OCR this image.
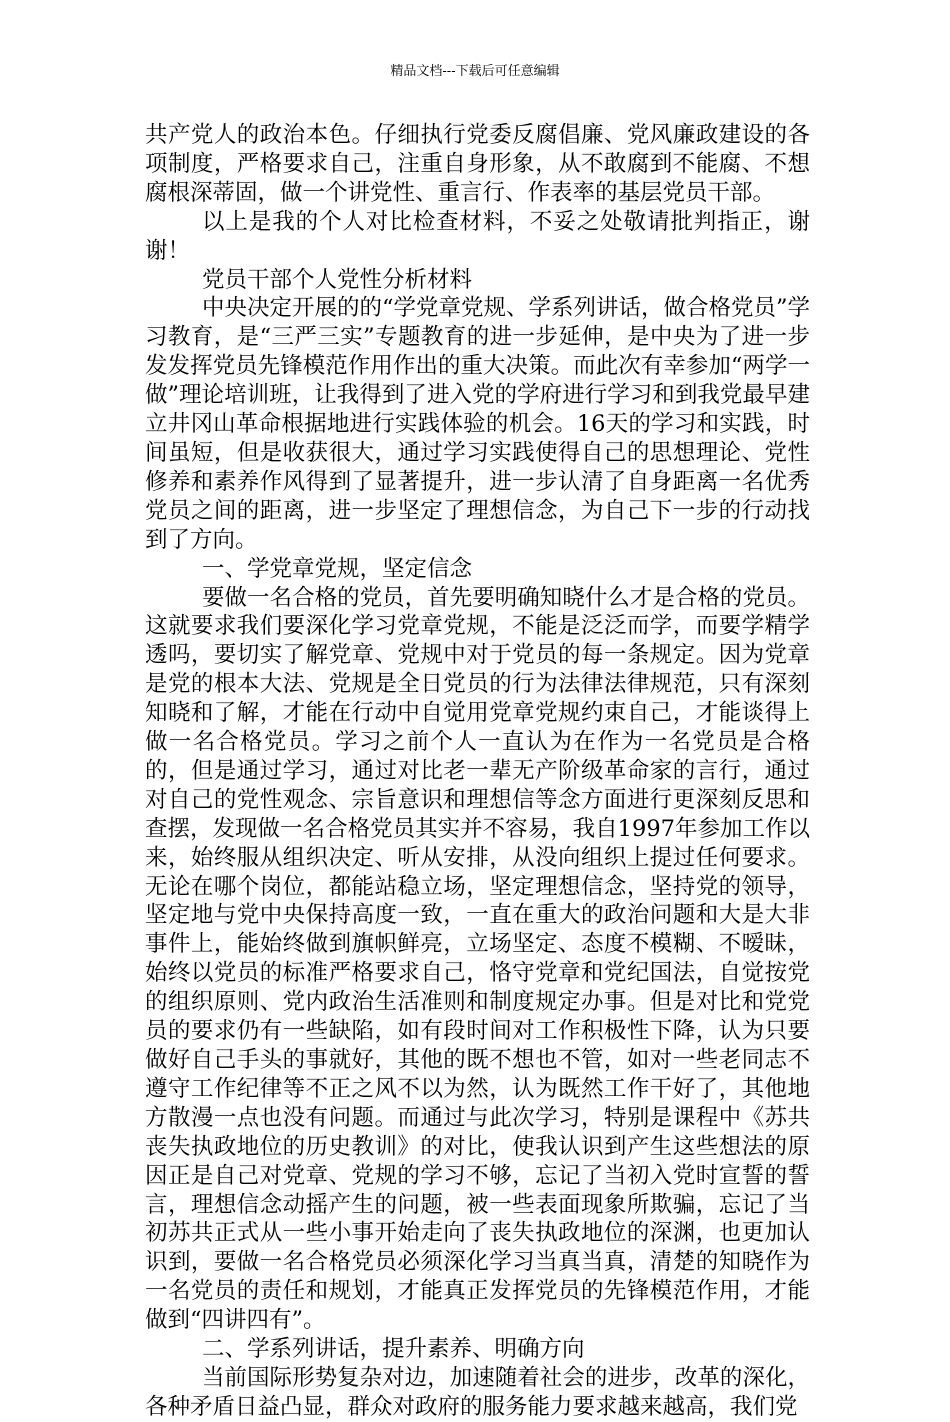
精品文档---下载后可任意编辑

共产党人的政治本色。仔细执行党委反腐倡廉、党风廉政建设的各项制度，严格要求自己，注重自身形象，从不敢腐到不能腐、不想腐根深蒂固，做一个讲党性、重言行、作表率的基层党员干部。

以上是我的个人对比检查材料，不妥之处敬请批判指正，谢谢！

党员干部个人党性分析材料

中央决定开展的的“学党章党规、学系列讲话，做合格党员”学习教育，是“三严三实”专题教育的进一步延伸，是中央为了进一步发发挥党员先锋模范作用作出的重大决策。而此次有幸参加“两学一做”理论培训班，让我得到了进入党的学府进行学习和到我党最早建立井冈山革命根据地进行实践体验的机会。16天的学习和实践，时间虽短，但是收获很大，通过学习实践使得自己的思想理论、党性修养和素养作风得到了显著提升，进一步认清了自身距离一名优秀党员之间的距离，进一步坚定了理想信念，为自己下一步的行动找到了方向。

一、学党章党规，坚定信念

要做一名合格的党员，首先要明确知晓什么才是合格的党员。这就要求我们要深化学习党章党规，不能是泛泛而学，而要学精学透吗，要切实了解党章、党规中对于党员的每一条规定。因为党章是党的根本大法、党规是全日党员的行为法律法律规范，只有深刻知晓和了解，才能在行动中自觉用党章党规约束自己，才能谈得上做一名合格党员。学习之前个人一直认为在作为一名党员是合格的，但是通过学习，通过对比老一辈无产阶级革命家的言行，通过对自己的党性观念、宗旨意识和理想信等念方面进行更深刻反思和查摆，发现做一名合格党员其实并不容易，我自1997年参加工作以来，始终服从组织决定、听从安排，从没向组织上提过任何要求。无论在哪个岗位，都能站稳立场，坚定理想信念，坚持党的领导，坚定地与党中央保持高度一致，一直在重大的政治问题和大是大非事件上，能始终做到旗帜鲜亮，立场坚定、态度不模糊、不暧昧，始终以党员的标准严格要求自己，恪守党章和党纪国法，自觉按党的组织原则、党内政治生活准则和制度规定办事。但是对比和党党员的要求仍有一些缺陷，如有段时间对工作积极性下降，认为只要做好自己手头的事就好，其他的既不想也不管，如对一些老同志不遵守工作纪律等不正之风不以为然，认为既然工作干好了，其他地方散漫一点也没有问题。而通过与此次学习，特别是课程中《苏共丧失执政地位的历史教训》的对比，使我认识到产生这些想法的原因正是自己对党章、党规的学习不够，忘记了当初入党时宣誓的誓言，理想信念动摇产生的问题，被一些表面现象所欺骗，忘记了当初苏共正式从一些小事开始走向了丧失执政地位的深渊，也更加认识到，要做一名合格党员必须深化学习当真当真，清楚的知晓作为一名党员的责任和规划，才能真正发挥党员的先锋模范作用，才能做到“四讲四有”。

二、学系列讲话，提升素养、明确方向

当前国际形势复杂对边，加速随着社会的进步，改革的深化，各种矛盾日益凸显，群众对政府的服务能力要求越来越高，我们党
